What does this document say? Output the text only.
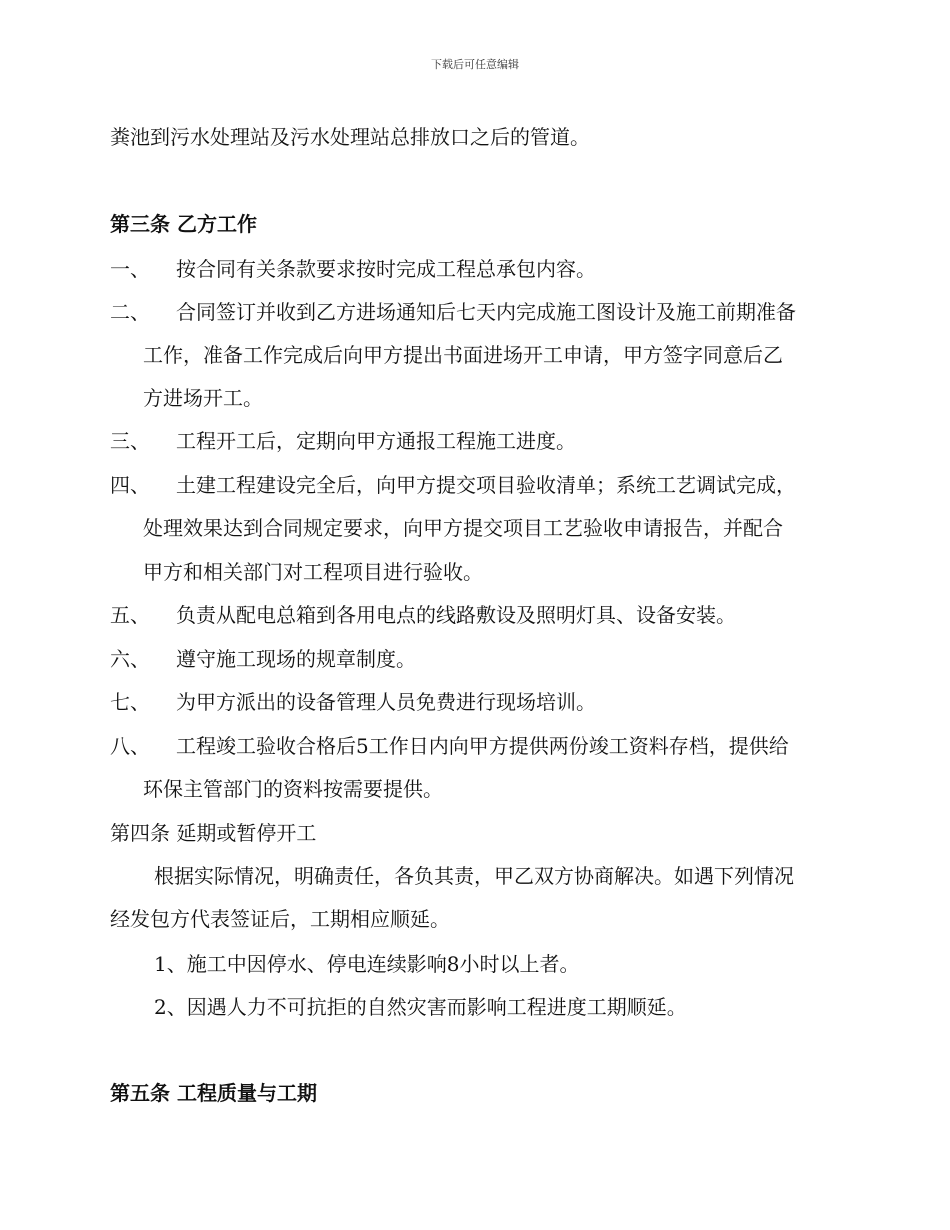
下载后可任意编辑
粪池到污水处理站及污水处理站总排放口之后的管道。
第三条 乙方工作
一、 按合同有关条款要求按时完成工程总承包内容。
二、 合同签订并收到乙方进场通知后七天内完成施工图设计及施工前期准备
工作，准备工作完成后向甲方提出书面进场开工申请，甲方签字同意后乙
方进场开工。
三、 工程开工后，定期向甲方通报工程施工进度。
四、 土建工程建设完全后，向甲方提交项目验收清单；系统工艺调试完成，
处理效果达到合同规定要求，向甲方提交项目工艺验收申请报告，并配合
甲方和相关部门对工程项目进行验收。
五、 负责从配电总箱到各用电点的线路敷设及照明灯具、设备安装。
六、 遵守施工现场的规章制度。
七、 为甲方派出的设备管理人员免费进行现场培训。
八、 工程竣工验收合格后5工作日内向甲方提供两份竣工资料存档，提供给
环保主管部门的资料按需要提供。
第四条 延期或暂停开工
根据实际情况，明确责任，各负其责，甲乙双方协商解决。如遇下列情况
经发包方代表签证后，工期相应顺延。
1、施工中因停水、停电连续影响8小时以上者。
2、因遇人力不可抗拒的自然灾害而影响工程进度工期顺延。
第五条 工程质量与工期
